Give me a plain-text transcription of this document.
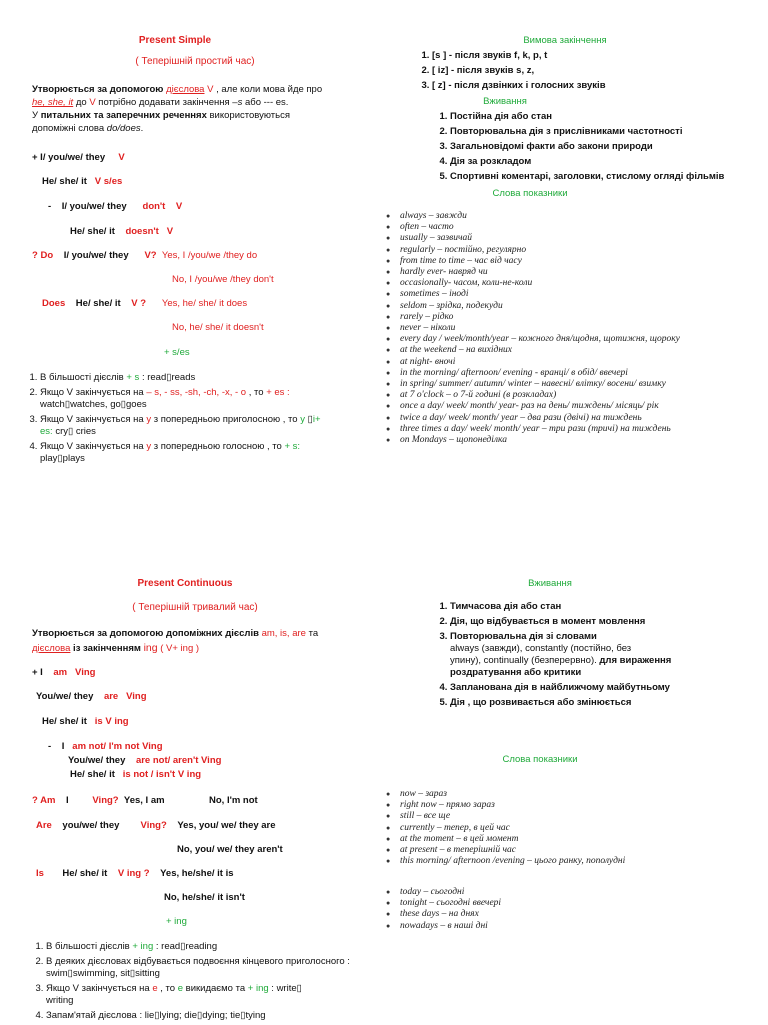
Present Simple
( Теперішній простий час)
Утворюється за допомогою дієслова V , але коли мова йде про
he, she, it до V потрібно додавати закінчення –s або --- es.
У питальних та заперечних реченнях використовуються
допоміжні слова do/does.
+ I/ you/we/ they V
He/ she/ it V s/es
- I/ you/we/ they don't V
He/ she/ it doesn't V
? Do I/ you/we/ they V? Yes, I /you/we /they do
No, I /you/we /they don't
Does He/ she/ it V ? Yes, he/ she/ it does
No, he/ she/ it doesn't
+ s/es
1. В більшості дієслів + s : read▯reads
2. Якщо V закінчується на – s, - ss, -sh, -ch, -x, - o , то + es :
watch▯watches, go▯goes
3. Якщо V закінчується на y з попередньою приголосною , то y ▯i+
es: cry▯ cries
4. Якщо V закінчується на y з попередньою голосною , то + s:
play▯plays
Вимова закінчення
1. [s ] - після звуків f, k, p, t
2. [ iz] - після звуків s, z,
3. [ z] - після дзвінких і голосних звуків
Вживання
1. Постійна дія або стан
2. Повторювальна дія з прислівниками частотності
3. Загальновідомі факти або закони природи
4. Дія за розкладом
5. Спортивні коментарі, заголовки, стислому огляді фільмів
Слова показники
● always – завжди
● often – часто
● usually – зазвичай
● regularly – постійно, регулярно
● from time to time – час від часу
● hardly ever- навряд чи
● occasionally- часом, коли-не-коли
● sometimes – іноді
● seldom – зрідка, подекуди
● rarely – рідко
● never – ніколи
● every day / week/month/year – кожного дня/щодня, щотижня, щороку
● at the weekend – на вихідних
● at night- вночі
● in the morning/ afternoon/ evening - вранці/ в обід/ ввечері
● in spring/ summer/ autumn/ winter – навесні/ влітку/ восени/ взимку
● at 7 o'clock – о 7-й годині (в розкладах)
● once a day/ week/ month/ year- раз на день/ тиждень/ місяць/ рік
● twice a day/ week/ month/ year – двa рази (двічі) на тиждень
● three times a day/ week/ month/ year – три рази (тричі) на тиждень
● on Mondays – щопонеділка
Present Continuous
( Теперішній тривалий час)
Утворюється за допомогою допоміжних дієслів am, is, are та
дієслова із закінченням ing ( V+ ing )
+ I am Ving
You/we/ they are Ving
He/ she/ it is V ing
- I am not/ I'm not Ving
You/we/ they are not/ aren't Ving
He/ she/ it is not / isn't V ing
? Am I	Ving? Yes, I am	No, I'm not
Are you/we/ they Ving? Yes, you/ we/ they are
No, you/ we/ they aren't
Is He/ she/ it V ing ? Yes, he/she/ it is
No, he/she/ it isn't
+ ing
1. В більшості дієслів + ing : read▯reading
2. В деяких дієсловах відбувається подвоєння кінцевого приголосного : swim▯swimming, sit▯sitting
3. Якщо V закінчується на e , то e викидаємо та + ing : write▯
writing
4. Запам'ятай дієслова : lie▯lying; die▯dying; tie▯tying
Вживання
1. Тимчасова дія або стан
2. Дія, що відбувається в момент мовлення
3. Повторювальна дія зі словами
always (завжди), constantly (постійно, без
упину), continually (безперервно). для вираження
роздратування або критики
4. Запланована дія в найближчому майбутньому
5. Дія , що розвивається або змінюється
Слова показники
● now – зараз
● right now – прямо зараз
● still – все ще
● currently – тепер, в цей час
● at the moment – в цей момент
● at present – в теперішній час
● this morning/ afternoon /evening – цього ранку, пополудні
● today – сьогодні
● tonight – сьогодні ввечері
● these days – на днях
● nowadays – в наші дні
